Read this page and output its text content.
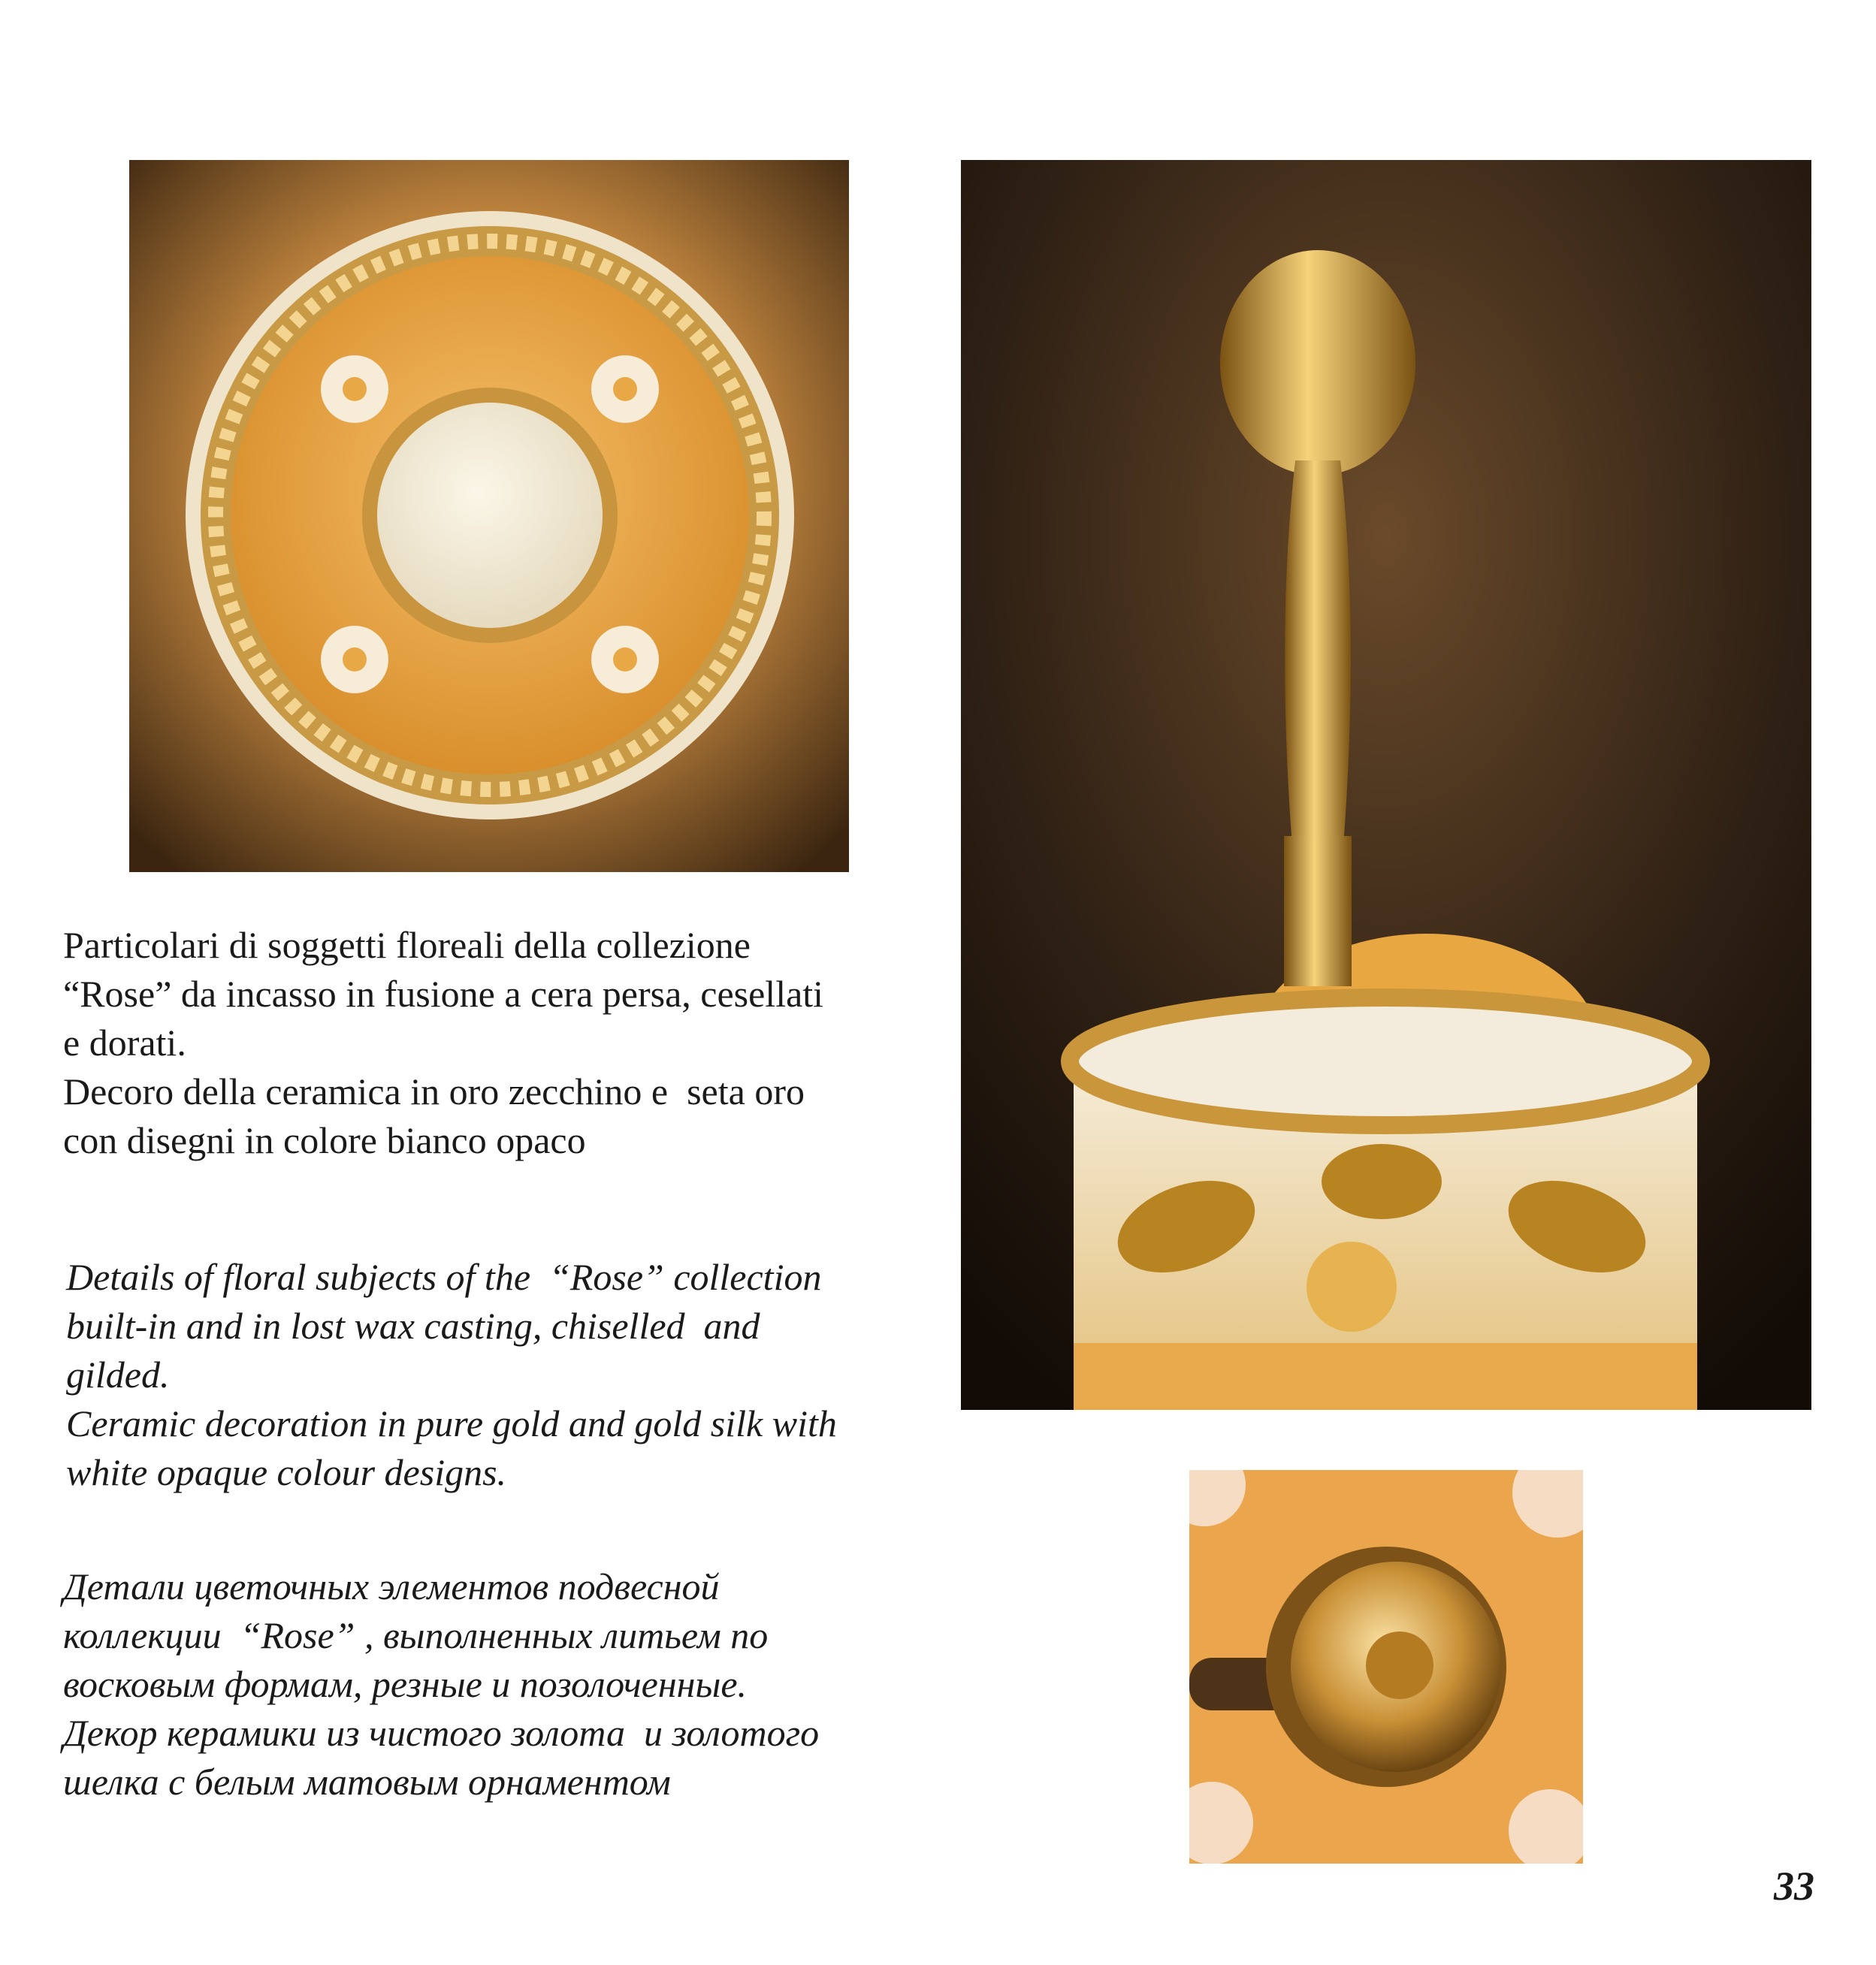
Particolari di soggetti floreali della collezione

“Rose” da incasso in fusione a cera persa, cesellati

e dorati.

Decoro della ceramica in oro zecchino e  seta oro

con disegni in colore bianco opaco

Details of floral subjects of the  “Rose” collection

built-in and in lost wax casting, chiselled  and

gilded.

Ceramic decoration in pure gold and gold silk with

white opaque colour designs.

Детали цветочных элементов подвесной

коллекции  “Rose” , выполненных литьем по

восковым формам, резные и позолоченные.

Декор керамики из чистого золота  и золотого

шелка с белым матовым орнаментом

33
